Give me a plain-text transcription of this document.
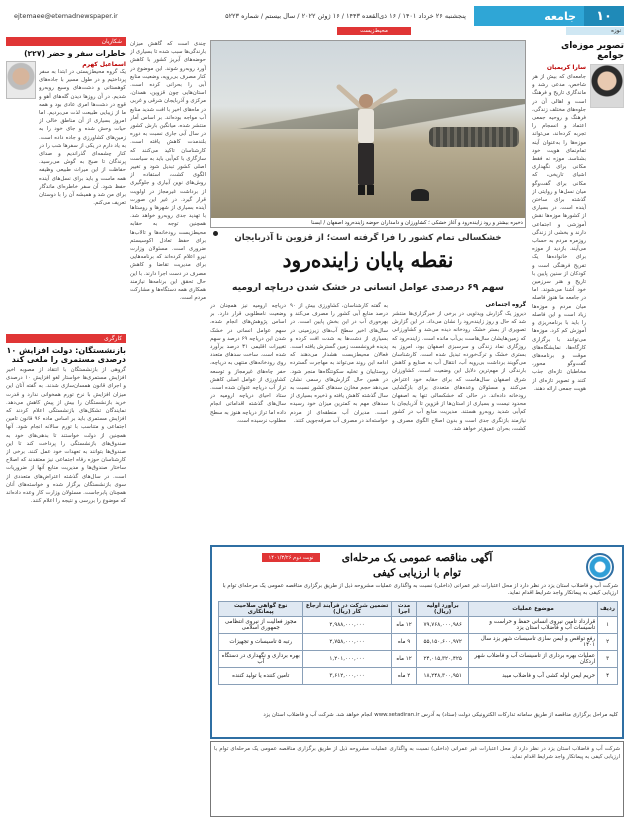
۱۰
جامعه
ejtemaee@etemadnewspaper.ir	پنجشنبه ۲۶ خرداد ۱۴۰۱ / ۱۶ ذی‌القعده ۱۴۴۳ / ۱۶ ژوئن ۲۰۲۲ / سال بیستم / شماره ۵۲۲۳
نوزه
محیط‌زیست
تصویر موزه‌ای جوامع
سارا کریمیان
جامعه‌ای که بیش از هر شاخص، مدعی رشد و ماندگاری تاریخ و فرهنگ است و اهالی آن در جلوه‌های مختلف زندگی، فرهنگ و روحیه جمعی اعتماد و انسجام را تجربه کرده‌اند، می‌تواند موزه‌ها را به‌عنوان آینه تمام‌نمای هویت خود بشناسد. موزه نه فقط مکانی برای نگهداری اشیای تاریخی، که مکانی برای گفت‌وگو میان نسل‌ها و روایتی از گذشته برای ساختن آینده است. در بسیاری از کشورها موزه‌ها نقش آموزشی و اجتماعی دارند و بخشی از زندگی روزمره مردم به حساب می‌آیند. بازدید از موزه برای خانواده‌ها یک تفریح فرهنگی است و کودکان از سنین پایین با تاریخ و هنر سرزمین خود آشنا می‌شوند. اما در جامعه ما هنوز فاصله میان مردم و موزه‌ها زیاد است و این فاصله را باید با برنامه‌ریزی و آموزش کم کرد. موزه‌ها می‌توانند با برگزاری کارگاه‌ها، نمایشگاه‌های موقت و برنامه‌های گفت‌وگو محور، مخاطبان تازه‌ای جذب کنند و تصویر تازه‌ای از هویت جمعی ارائه دهند.
ذخیره بیشتر و رود زاینده‌رود و آغاز خشکی ؛ کشاورزان و دامداران حوضه زاینده‌رود اصفهان / ایسنا
خشکسالی تمام کشور را فرا گرفته است؛ از قزوین تا آذربایجان
نقطه پایان زاینده‌رود
سهم ۶۹ درصدی عوامل انسانی در خشک شدن دریاچه ارومیه
گروه اجتماعی
دیروز یک گزارش ویدئویی در برخی از خبرگزاری‌ها منتشر شد که حال و روز زاینده‌رود را نشان می‌داد. در این گزارش تصویری از بستر خشک رودخانه دیده می‌شد و کشاورزانی که زمین‌هایشان سال‌هاست بی‌آب مانده است. زاینده‌رود که روزگاری نماد زندگی و سرسبزی اصفهان بود، امروز به بستری خشک و ترک‌خورده تبدیل شده است. کارشناسان می‌گویند برداشت بی‌رویه آب، انتقال آب به صنایع و کاهش بارندگی از مهم‌ترین دلایل این وضعیت است. کشاورزان شرق اصفهان سال‌هاست که برای حقابه خود اعتراض می‌کنند و مسئولان وعده‌های متعددی برای بازگشایی رودخانه داده‌اند. در حالی که خشکسالی تنها به اصفهان محدود نیست و بسیاری از استان‌ها از قزوین تا آذربایجان با کم‌آبی شدید روبه‌رو هستند. مدیریت منابع آب در کشور نیازمند بازنگری جدی است و بدون اصلاح الگوی مصرف و کشت، بحران عمیق‌تر خواهد شد.
به گفته کارشناسان، کشاورزی بیش از ۹۰ درصد منابع آبی کشور را مصرف می‌کند و بهره‌وری آب در این بخش پایین است. در سال‌های اخیر سطح آب‌های زیرزمینی در بسیاری از دشت‌ها به شدت افت کرده و پدیده فرونشست زمین گسترش یافته است. فعالان محیط‌زیست هشدار می‌دهند که ادامه این روند می‌تواند به مهاجرت گسترده روستاییان و تخلیه سکونتگاه‌ها منجر شود. در همین حال گزارش‌های رسمی نشان می‌دهد حجم مخازن سدهای کشور نسبت به سال گذشته کاهش یافته و ذخیره بسیاری از سدهای مهم به کمترین میزان خود رسیده است. مدیران آب منطقه‌ای از مردم خواسته‌اند در مصرف آب صرفه‌جویی کنند.
دریاچه ارومیه نیز همچنان در وضعیت نامطلوبی قرار دارد. بر اساس پژوهش‌های انجام شده، سهم عوامل انسانی در خشک شدن این دریاچه ۶۹ درصد و سهم تغییرات اقلیمی ۳۱ درصد برآورد شده است. ساخت سدهای متعدد روی رودخانه‌های منتهی به دریاچه، حفر چاه‌های غیرمجاز و توسعه کشاورزی از عوامل اصلی کاهش تراز آب دریاچه عنوان شده است. ستاد احیای دریاچه ارومیه در سال‌های گذشته اقداماتی انجام داده اما تراز دریاچه هنوز به سطح مطلوب نرسیده است.
چندی است که گاهش میزان بارندگی‌ها سبب شده تا بسیاری از حوضه‌های آبریز کشور با کاهش آورد روبه‌رو شوند. این موضوع در کنار مصرف بی‌رویه، وضعیت منابع آبی را بحرانی کرده است. استان‌هایی چون قزوین، همدان، مرکزی و آذربایجان شرقی و غربی در ماه‌های اخیر با افت شدید منابع آب مواجه بوده‌اند. بر اساس آمار منتشر شده، میانگین بارش کشور در سال آبی جاری نسبت به دوره بلندمدت کاهش یافته است. کارشناسان تاکید می‌کنند که سازگاری با کم‌آبی باید به سیاست اصلی کشور تبدیل شود و تغییر الگوی کشت، استفاده از روش‌های نوین آبیاری و جلوگیری از برداشت غیرمجاز در اولویت قرار گیرد. در غیر این صورت آینده بسیاری از شهرها و روستاها با تهدید جدی روبه‌رو خواهد شد. همچنین توجه به حقابه محیط‌زیست رودخانه‌ها و تالاب‌ها برای حفظ تعادل اکوسیستم ضروری است. مسئولان وزارت نیرو اعلام کرده‌اند که برنامه‌هایی برای مدیریت تقاضا و کاهش مصرف در دست اجرا دارند. با این حال تحقق این برنامه‌ها نیازمند همکاری همه دستگاه‌ها و مشارکت مردم است.
شکاریان
خاطرات سفر و حضر (۲۲۷)
اسماعیل کهرم
یک گروه محیط‌زیستی در ابتدا به سفر پرداختیم و در طول مسیر با جاده‌های کوهستانی و دشت‌های وسیع روبه‌رو شدیم. در آن روزها دیدن گله‌های آهو و قوچ در دشت‌ها امری عادی بود و همه ما از زیبایی طبیعت لذت می‌بردیم. اما امروز بسیاری از آن مناطق خالی از حیات وحش شده و جای خود را به زمین‌های کشاورزی و جاده داده است. به یاد دارم در یکی از سفرها شب را در کنار چشمه‌ای گذراندیم و صدای پرندگان تا صبح به گوش می‌رسید. حفاظت از این میراث طبیعی وظیفه همه ماست و باید برای نسل‌های آینده حفظ شود. آن سفر خاطره‌ای ماندگار برای من شد و همیشه آن را با دوستان تعریف می‌کنم.
کارگری
بازنشستگان: دولت افزایش ۱۰ درصدی مستمری را ملغی کند
گروهی از بازنشستگان با انتقاد از مصوبه اخیر افزایش مستمری‌ها خواستار لغو افزایش ۱۰ درصدی و اجرای قانون همسان‌سازی شدند. به گفته آنان این میزان افزایش با نرخ تورم همخوانی ندارد و قدرت خرید بازنشستگان را بیش از پیش کاهش می‌دهد. نمایندگان تشکل‌های بازنشستگی اعلام کردند که افزایش مستمری باید بر اساس ماده ۹۶ قانون تامین اجتماعی و متناسب با تورم سالانه انجام شود. آنها همچنین از دولت خواستند تا بدهی‌های خود به صندوق‌های بازنشستگی را پرداخت کند تا این صندوق‌ها بتوانند به تعهدات خود عمل کنند. برخی از کارشناسان حوزه رفاه اجتماعی نیز معتقدند که اصلاح ساختار صندوق‌ها و مدیریت منابع آنها از ضروریات است. در سال‌های گذشته اعتراض‌های متعددی از سوی بازنشستگان برگزار شده و خواسته‌های آنان همچنان پابرجاست. مسئولان وزارت کار وعده داده‌اند که موضوع را بررسی و نتیجه را اعلام کنند.
نوبت دوم ۱۴۰۱/۳/۲۶	آگهی مناقصه عمومی یک مرحله‌ای
توام با ارزیابی کیفی
شرکت آب و فاضلاب استان یزد در نظر دارد از محل اعتبارات غیر عمرانی (داخلی) نسبت به واگذاری عملیات مشروحه ذیل از طریق برگزاری مناقصه عمومی یک مرحله‌ای توام با ارزیابی کیفی به پیمانکار واجد شرایط اقدام نماید.
ردیف	موضوع عملیات	برآورد اولیه (ریال)	مدت اجرا	تضمین شرکت در فرآیند ارجاع کار (ریال)	نوع گواهی صلاحیت پیمانکاری
۱	قرارداد تامین نیروی انسانی حفظ و حراست و تاسیسات آب و فاضلاب استان یزد	۷۹,۷۶۸,۰۰۰,۹۸۶	۱۲ ماه	۲,۹۸۸,۰۰۰,۰۰۰	مجوز فعالیت از نیروی انتظامی جمهوری اسلامی
۲	رفع تواقص و ایمن سازی تاسیسات شهر یزد سال ۱۴۰۱	۵۵,۱۵۰,۶۰۰,۹۷۲	۹ ماه	۲,۷۵۸,۰۰۰,۰۰۰	رتبه ۵ تاسیسات و تجهیزات
۳	عملیات بهره برداری از تاسیسات آب و فاضلاب شهر اردکان	۲۴,۰۱۵,۳۲۰,۴۲۵	۱۲ ماه	۱,۲۰۱,۰۰۰,۰۰۰	بهره برداری و نگهداری در دستگاه آب
۴	حریم ایمن لوله کشی آب و فاضلاب میبد	۱۸,۲۴۸,۳۰۰,۹۵۱	۲ ماه	۳,۶۱۲,۰۰۰,۰۰۰	تامین کننده یا تولید کننده
کلیه مراحل برگزاری مناقصه از طریق سامانه تدارکات الکترونیکی دولت (ستاد) به آدرس www.setadiran.ir انجام خواهد شد. شرکت آب و فاضلاب استان یزد
شرکت آب و فاضلاب استان یزد در نظر دارد از محل اعتبارات غیر عمرانی (داخلی) نسبت به واگذاری عملیات مشروحه ذیل از طریق برگزاری مناقصه عمومی یک مرحله‌ای توام با ارزیابی کیفی به پیمانکار واجد شرایط اقدام نماید.
